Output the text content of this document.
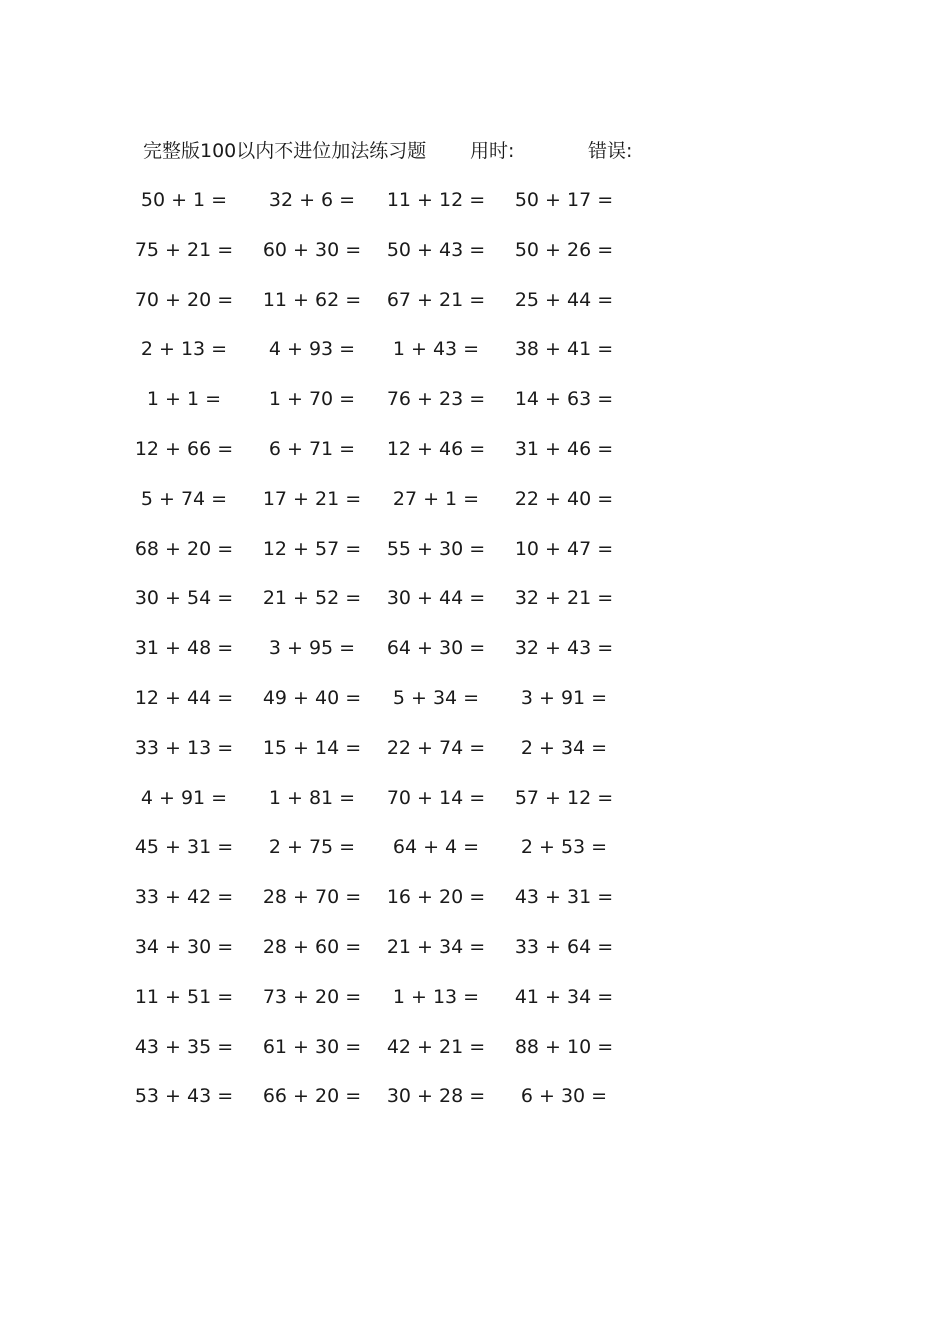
完整版100以内不进位加法练习题 用时:	错误:
50 + 1 =	32 + 6 =	11 + 12 = 50 + 17 =
75 + 21 = 60 + 30 = 50 + 43 = 50 + 26 =
70 + 20 = 11 + 62 = 67 + 21 = 25 + 44 =
2 + 13 =	4 + 93 =	1 + 43 =	38 + 41 =
1 + 1 =	1 + 70 =	76 + 23 = 14 + 63 =
12 + 66 =	6 + 71 =	12 + 46 = 31 + 46 =
5 + 74 =	17 + 21 =	27 + 1 =	22 + 40 =
68 + 20 = 12 + 57 = 55 + 30 = 10 + 47 =
30 + 54 = 21 + 52 = 30 + 44 = 32 + 21 =
31 + 48 =	3 + 95 =	64 + 30 = 32 + 43 =
12 + 44 = 49 + 40 =	5 + 34 =	3 + 91 =
33 + 13 = 15 + 14 = 22 + 74 =	2 + 34 =
4 + 91 =	1 + 81 =	70 + 14 = 57 + 12 =
45 + 31 =	2 + 75 =	64 + 4 =	2 + 53 =
33 + 42 = 28 + 70 = 16 + 20 = 43 + 31 =
34 + 30 = 28 + 60 = 21 + 34 = 33 + 64 =
11 + 51 = 73 + 20 =	1 + 13 =	41 + 34 =
43 + 35 = 61 + 30 = 42 + 21 = 88 + 10 =
53 + 43 = 66 + 20 = 30 + 28 =	6 + 30 =
